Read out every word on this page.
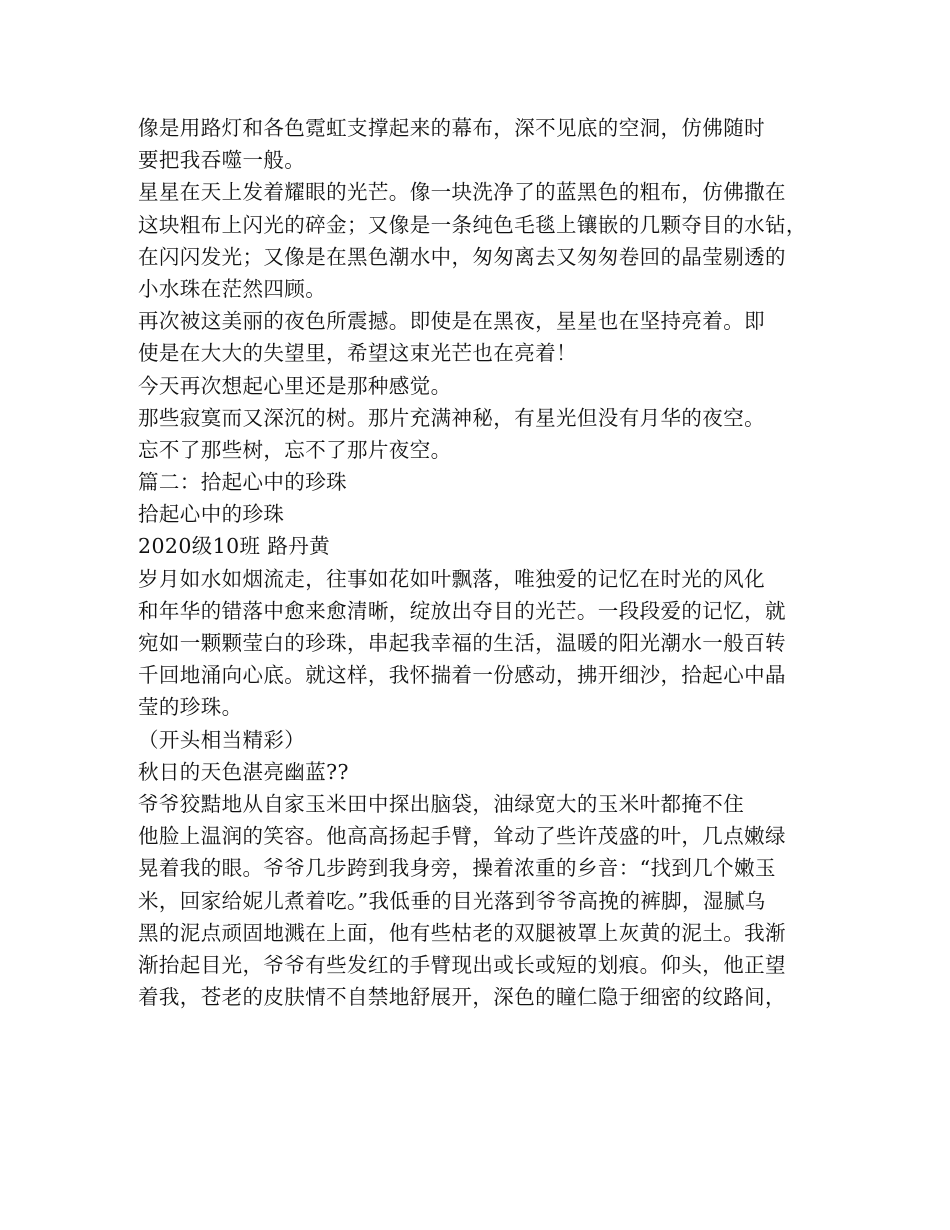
像是用路灯和各色霓虹支撑起来的幕布，深不见底的空洞，仿佛随时
要把我吞噬一般。
星星在天上发着耀眼的光芒。像一块洗净了的蓝黑色的粗布，仿佛撒在
这块粗布上闪光的碎金；又像是一条纯色毛毯上镶嵌的几颗夺目的水钻，
在闪闪发光；又像是在黑色潮水中，匆匆离去又匆匆卷回的晶莹剔透的
小水珠在茫然四顾。
再次被这美丽的夜色所震撼。即使是在黑夜，星星也在坚持亮着。即
使是在大大的失望里，希望这束光芒也在亮着！
今天再次想起心里还是那种感觉。
那些寂寞而又深沉的树。那片充满神秘，有星光但没有月华的夜空。
忘不了那些树，忘不了那片夜空。
篇二：拾起心中的珍珠
拾起心中的珍珠
2020级10班 路丹黄
岁月如水如烟流走，往事如花如叶飘落，唯独爱的记忆在时光的风化
和年华的错落中愈来愈清晰，绽放出夺目的光芒。一段段爱的记忆，就
宛如一颗颗莹白的珍珠，串起我幸福的生活，温暖的阳光潮水一般百转
千回地涌向心底。就这样，我怀揣着一份感动，拂开细沙，拾起心中晶
莹的珍珠。
（开头相当精彩）
秋日的天色湛亮幽蓝??
爷爷狡黠地从自家玉米田中探出脑袋，油绿宽大的玉米叶都掩不住
他脸上温润的笑容。他高高扬起手臂，耸动了些许茂盛的叶，几点嫩绿
晃着我的眼。爷爷几步跨到我身旁，操着浓重的乡音：“找到几个嫩玉
米，回家给妮儿煮着吃。”我低垂的目光落到爷爷高挽的裤脚，湿腻乌
黑的泥点顽固地溅在上面，他有些枯老的双腿被罩上灰黄的泥土。我渐
渐抬起目光，爷爷有些发红的手臂现出或长或短的划痕。仰头，他正望
着我，苍老的皮肤情不自禁地舒展开，深色的瞳仁隐于细密的纹路间，
